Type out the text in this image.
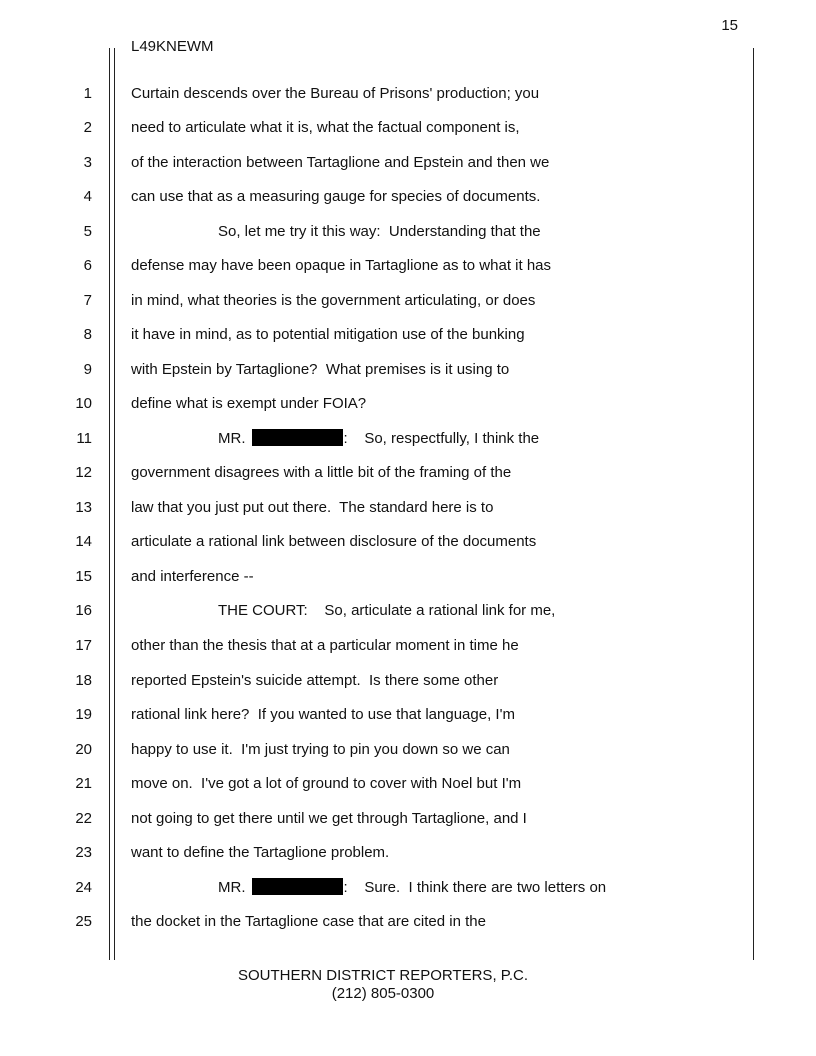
15
L49KNEWM
1	Curtain descends over the Bureau of Prisons' production; you
2	need to articulate what it is, what the factual component is,
3	of the interaction between Tartaglione and Epstein and then we
4	can use that as a measuring gauge for species of documents.
5	So, let me try it this way:  Understanding that the
6	defense may have been opaque in Tartaglione as to what it has
7	in mind, what theories is the government articulating, or does
8	it have in mind, as to potential mitigation use of the bunking
9	with Epstein by Tartaglione?  What premises is it using to
10	define what is exempt under FOIA?
11	MR.	:    So, respectfully, I think the
12	government disagrees with a little bit of the framing of the
13	law that you just put out there.  The standard here is to
14	articulate a rational link between disclosure of the documents
15	and interference --
16	THE COURT:    So, articulate a rational link for me,
17	other than the thesis that at a particular moment in time he
18	reported Epstein's suicide attempt.  Is there some other
19	rational link here?  If you wanted to use that language, I'm
20	happy to use it.  I'm just trying to pin you down so we can
21	move on.  I've got a lot of ground to cover with Noel but I'm
22	not going to get there until we get through Tartaglione, and I
23	want to define the Tartaglione problem.
24	MR.	:    Sure.  I think there are two letters on
25	the docket in the Tartaglione case that are cited in the
SOUTHERN DISTRICT REPORTERS, P.C.
(212) 805-0300
